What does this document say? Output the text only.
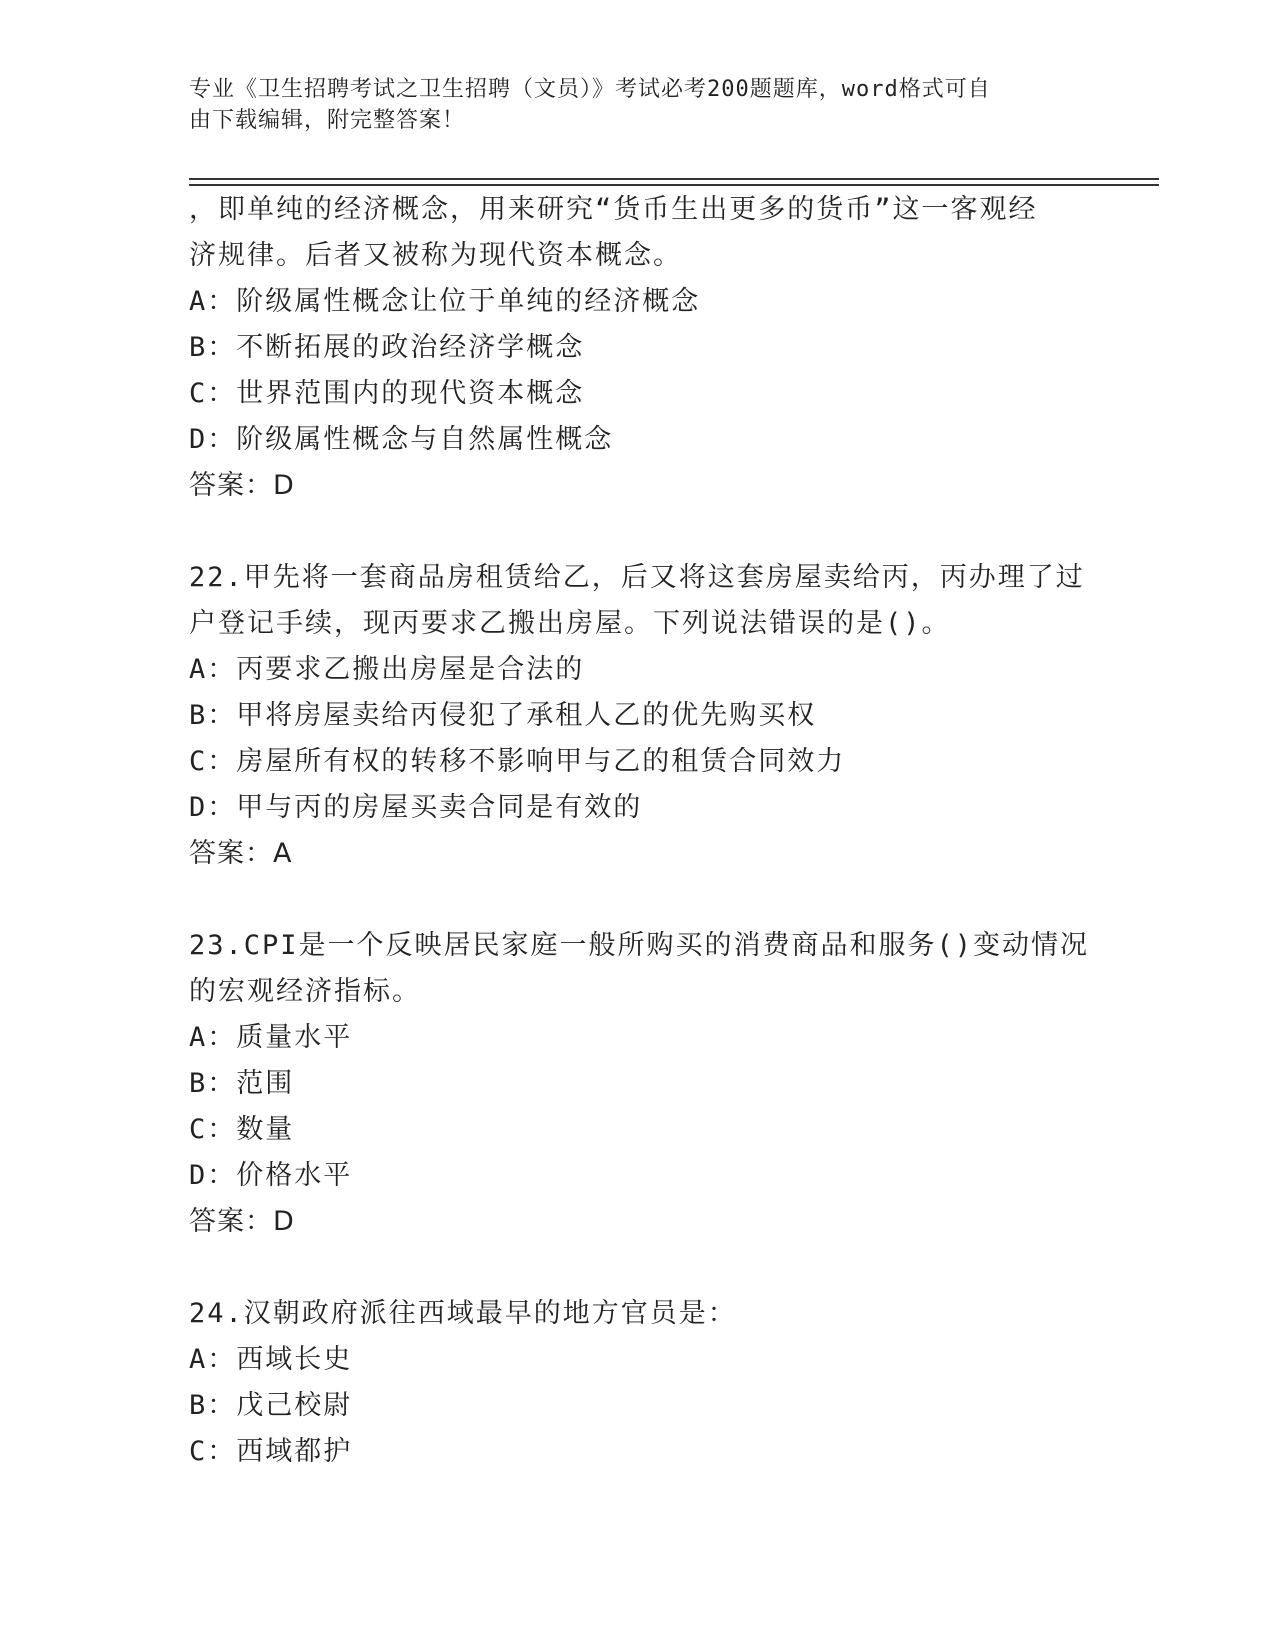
专业《卫生招聘考试之卫生招聘（文员）》考试必考200题题库，word格式可自
由下载编辑，附完整答案！
，即单纯的经济概念，用来研究“货币生出更多的货币”这一客观经
济规律。后者又被称为现代资本概念。
A：阶级属性概念让位于单纯的经济概念
B：不断拓展的政治经济学概念
C：世界范围内的现代资本概念
D：阶级属性概念与自然属性概念
答案：D
22.甲先将一套商品房租赁给乙，后又将这套房屋卖给丙，丙办理了过
户登记手续，现丙要求乙搬出房屋。下列说法错误的是()。
A：丙要求乙搬出房屋是合法的
B：甲将房屋卖给丙侵犯了承租人乙的优先购买权
C：房屋所有权的转移不影响甲与乙的租赁合同效力
D：甲与丙的房屋买卖合同是有效的
答案：A
23.CPI是一个反映居民家庭一般所购买的消费商品和服务()变动情况
的宏观经济指标。
A：质量水平
B：范围
C：数量
D：价格水平
答案：D
24.汉朝政府派往西域最早的地方官员是：
A：西域长史
B：戊己校尉
C：西域都护
